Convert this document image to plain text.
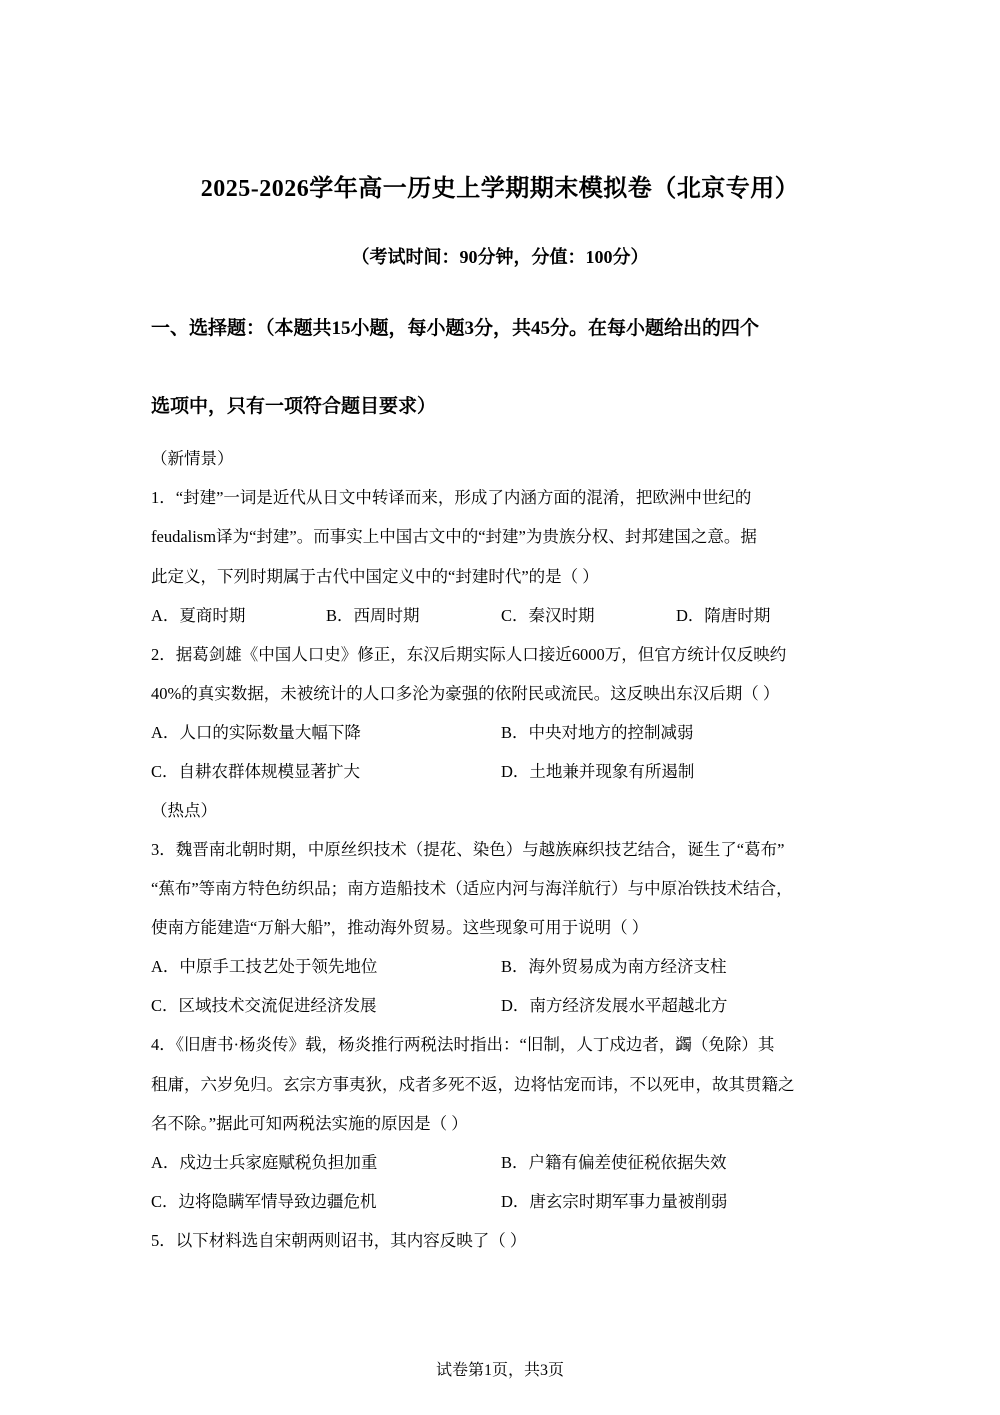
2025-2026学年高一历史上学期期末模拟卷（北京专用）
（考试时间：90分钟，分值：100分）
一、选择题：（本题共15小题，每小题3分，共45分。在每小题给出的四个
选项中，只有一项符合题目要求）
（新情景）
1．“封建”一词是近代从日文中转译而来，形成了内涵方面的混淆，把欧洲中世纪的
feudalism译为“封建”。而事实上中国古文中的“封建”为贵族分权、封邦建国之意。据
此定义，下列时期属于古代中国定义中的“封建时代”的是（ ）
A．夏商时期	B．西周时期	C．秦汉时期	D．隋唐时期
2．据葛剑雄《中国人口史》修正，东汉后期实际人口接近6000万，但官方统计仅反映约
40%的真实数据，未被统计的人口多沦为豪强的依附民或流民。这反映出东汉后期（ ）
A．人口的实际数量大幅下降	B．中央对地方的控制减弱
C．自耕农群体规模显著扩大	D．土地兼并现象有所遏制
（热点）
3．魏晋南北朝时期，中原丝织技术（提花、染色）与越族麻织技艺结合，诞生了“葛布”
“蕉布”等南方特色纺织品；南方造船技术（适应内河与海洋航行）与中原冶铁技术结合，
使南方能建造“万斛大船”，推动海外贸易。这些现象可用于说明（ ）
A．中原手工技艺处于领先地位	B．海外贸易成为南方经济支柱
C．区域技术交流促进经济发展	D．南方经济发展水平超越北方
4．《旧唐书·杨炎传》载，杨炎推行两税法时指出：“旧制，人丁戍边者，蠲（免除）其
租庸，六岁免归。玄宗方事夷狄，戍者多死不返，边将怙宠而讳，不以死申，故其贯籍之
名不除。”据此可知两税法实施的原因是（ ）
A．戍边士兵家庭赋税负担加重	B．户籍有偏差使征税依据失效
C．边将隐瞒军情导致边疆危机	D．唐玄宗时期军事力量被削弱
5．以下材料选自宋朝两则诏书，其内容反映了（ ）
试卷第1页，共3页
